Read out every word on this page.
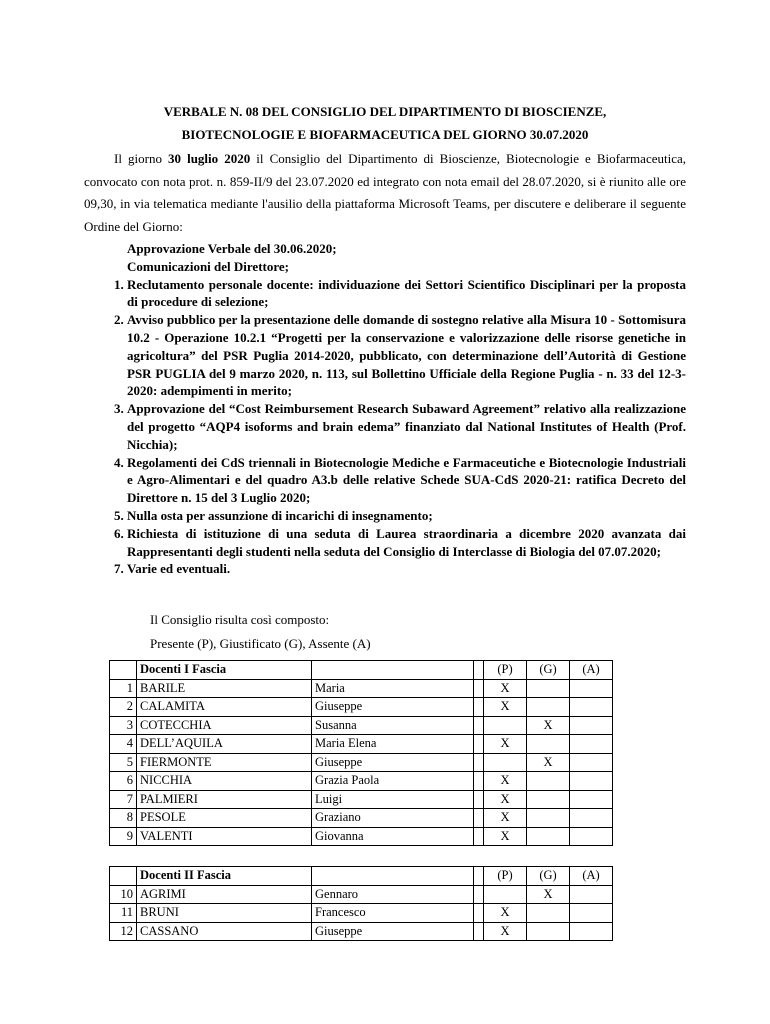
VERBALE N. 08 DEL CONSIGLIO DEL DIPARTIMENTO DI BIOSCIENZE,
BIOTECNOLOGIE E BIOFARMACEUTICA DEL GIORNO 30.07.2020

Il giorno 30 luglio 2020 il Consiglio del Dipartimento di Bioscienze, Biotecnologie e Biofarmaceutica, convocato con nota prot. n. 859-II/9 del 23.07.2020 ed integrato con nota email del 28.07.2020, si è riunito alle ore 09,30, in via telematica mediante l'ausilio della piattaforma Microsoft Teams, per discutere e deliberare il seguente Ordine del Giorno:

Approvazione Verbale del 30.06.2020;
Comunicazioni del Direttore;
1. Reclutamento personale docente: individuazione dei Settori Scientifico Disciplinari per la proposta di procedure di selezione;
2. Avviso pubblico per la presentazione delle domande di sostegno relative alla Misura 10 - Sottomisura 10.2 - Operazione 10.2.1 “Progetti per la conservazione e valorizzazione delle risorse genetiche in agricoltura” del PSR Puglia 2014-2020, pubblicato, con determinazione dell’Autorità di Gestione PSR PUGLIA del 9 marzo 2020, n. 113, sul Bollettino Ufficiale della Regione Puglia - n. 33 del 12-3-2020: adempimenti in merito;
3. Approvazione del “Cost Reimbursement Research Subaward Agreement” relativo alla realizzazione del progetto “AQP4 isoforms and brain edema” finanziato dal National Institutes of Health (Prof. Nicchia);
4. Regolamenti dei CdS triennali in Biotecnologie Mediche e Farmaceutiche e Biotecnologie Industriali e Agro-Alimentari e del quadro A3.b delle relative Schede SUA-CdS 2020-21: ratifica Decreto del Direttore n. 15 del 3 Luglio 2020;
5. Nulla osta per assunzione di incarichi di insegnamento;
6. Richiesta di istituzione di una seduta di Laurea straordinaria a dicembre 2020 avanzata dai Rappresentanti degli studenti nella seduta del Consiglio di Interclasse di Biologia del 07.07.2020;
7. Varie ed eventuali.
Il Consiglio risulta così composto:
Presente (P), Giustificato (G), Assente (A)
	Docenti I Fascia			(P)	(G)	(A)
1	BARILE	Maria		X		
2	CALAMITA	Giuseppe		X		
3	COTECCHIA	Susanna			X	
4	DELL’AQUILA	Maria Elena		X		
5	FIERMONTE	Giuseppe			X	
6	NICCHIA	Grazia Paola		X		
7	PALMIERI	Luigi		X		
8	PESOLE	Graziano		X		
9	VALENTI	Giovanna		X		
	Docenti II Fascia			(P)	(G)	(A)
10	AGRIMI	Gennaro			X	
11	BRUNI	Francesco		X		
12	CASSANO	Giuseppe		X		
